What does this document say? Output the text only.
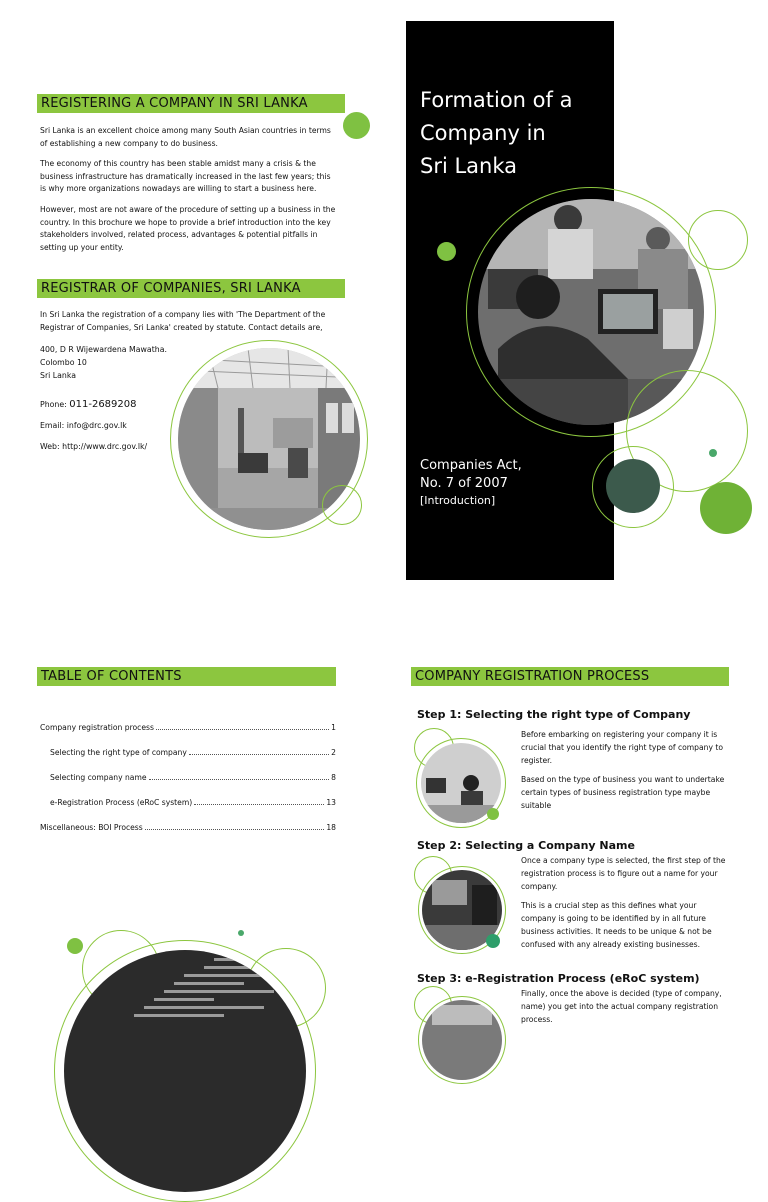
REGISTERING A COMPANY IN SRI LANKA

Sri Lanka is an excellent choice among many South Asian countries in terms of establishing a new company to do business.

The economy of this country has been stable amidst many a crisis & the business infrastructure has dramatically increased in the last few years; this is why more organizations nowadays are willing to start a business here.

However, most are not aware of the procedure of setting up a business in the country. In this brochure we hope to provide a brief introduction into the key stakeholders involved, related process, advantages & potential pitfalls in setting up your entity.

REGISTRAR OF COMPANIES, SRI LANKA

In Sri Lanka the registration of a company lies with 'The Department of the Registrar of Companies, Sri Lanka' created by statute. Contact details are,

400, D R Wijewardena Mawatha.
Colombo 10
Sri Lanka
Phone: 011-2689208
Email: info@drc.gov.lk
Web: http://www.drc.gov.lk/
Formation of a
Company in
Sri Lanka
Companies Act,
No. 7 of 2007
[Introduction]
TABLE OF CONTENTS
Company registration process	1
Selecting the right type of company	2
Selecting company name	8
e-Registration Process (eRoC system)	13
Miscellaneous: BOI Process	18
COMPANY REGISTRATION PROCESS
Step 1: Selecting the right type of Company

Before embarking on registering your company it is crucial that you identify the right type of company to register.

Based on the type of business you want to undertake certain types of business registration type maybe suitable

Step 2: Selecting a Company Name

Once a company type is selected, the first step of the registration process is to figure out a name for your company.

This is a crucial step as this defines what your company is going to be identified by in all future business activities. It needs to be unique & not be confused with any already existing businesses.

Step 3: e-Registration Process (eRoC system)

Finally, once the above is decided (type of company, name) you get into the actual company registration process.
